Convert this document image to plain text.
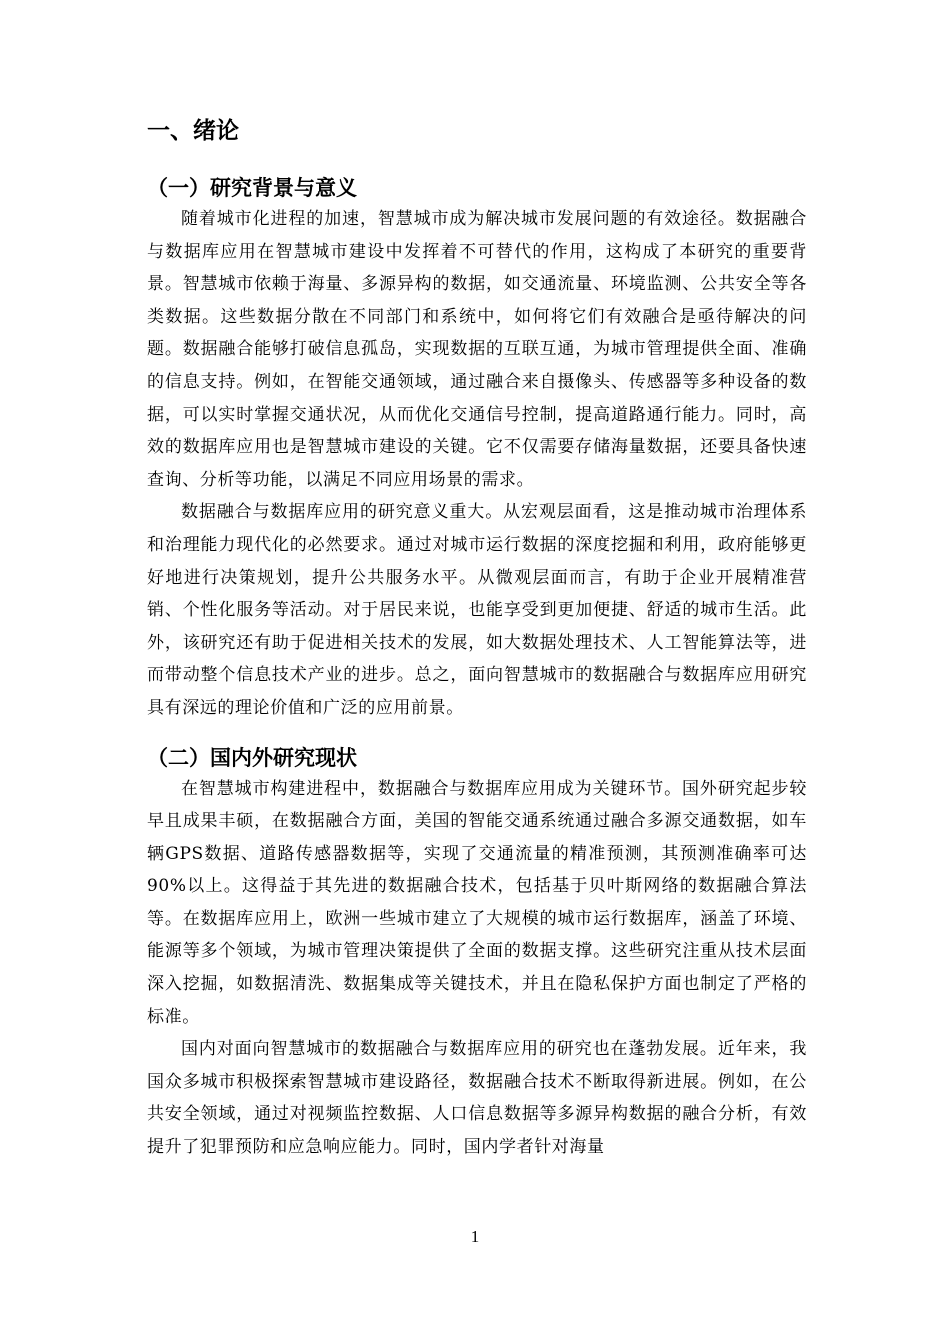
一、绪论
（一）研究背景与意义

随着城市化进程的加速，智慧城市成为解决城市发展问题的有效途径。数据融合与数据库应用在智慧城市建设中发挥着不可替代的作用，这构成了本研究的重要背景。智慧城市依赖于海量、多源异构的数据，如交通流量、环境监测、公共安全等各类数据。这些数据分散在不同部门和系统中，如何将它们有效融合是亟待解决的问题。数据融合能够打破信息孤岛，实现数据的互联互通，为城市管理提供全面、准确的信息支持。例如，在智能交通领域，通过融合来自摄像头、传感器等多种设备的数据，可以实时掌握交通状况，从而优化交通信号控制，提高道路通行能力。同时，高效的数据库应用也是智慧城市建设的关键。它不仅需要存储海量数据，还要具备快速查询、分析等功能，以满足不同应用场景的需求。

数据融合与数据库应用的研究意义重大。从宏观层面看，这是推动城市治理体系和治理能力现代化的必然要求。通过对城市运行数据的深度挖掘和利用，政府能够更好地进行决策规划，提升公共服务水平。从微观层面而言，有助于企业开展精准营销、个性化服务等活动。对于居民来说，也能享受到更加便捷、舒适的城市生活。此外，该研究还有助于促进相关技术的发展，如大数据处理技术、人工智能算法等，进而带动整个信息技术产业的进步。总之，面向智慧城市的数据融合与数据库应用研究具有深远的理论价值和广泛的应用前景。

（二）国内外研究现状

在智慧城市构建进程中，数据融合与数据库应用成为关键环节。国外研究起步较早且成果丰硕，在数据融合方面，美国的智能交通系统通过融合多源交通数据，如车辆GPS数据、道路传感器数据等，实现了交通流量的精准预测，其预测准确率可达90%以上。这得益于其先进的数据融合技术，包括基于贝叶斯网络的数据融合算法等。在数据库应用上，欧洲一些城市建立了大规模的城市运行数据库，涵盖了环境、能源等多个领域，为城市管理决策提供了全面的数据支撑。这些研究注重从技术层面深入挖掘，如数据清洗、数据集成等关键技术，并且在隐私保护方面也制定了严格的标准。

国内对面向智慧城市的数据融合与数据库应用的研究也在蓬勃发展。近年来，我国众多城市积极探索智慧城市建设路径，数据融合技术不断取得新进展。例如，在公共安全领域，通过对视频监控数据、人口信息数据等多源异构数据的融合分析，有效提升了犯罪预防和应急响应能力。同时，国内学者针对海量

1
